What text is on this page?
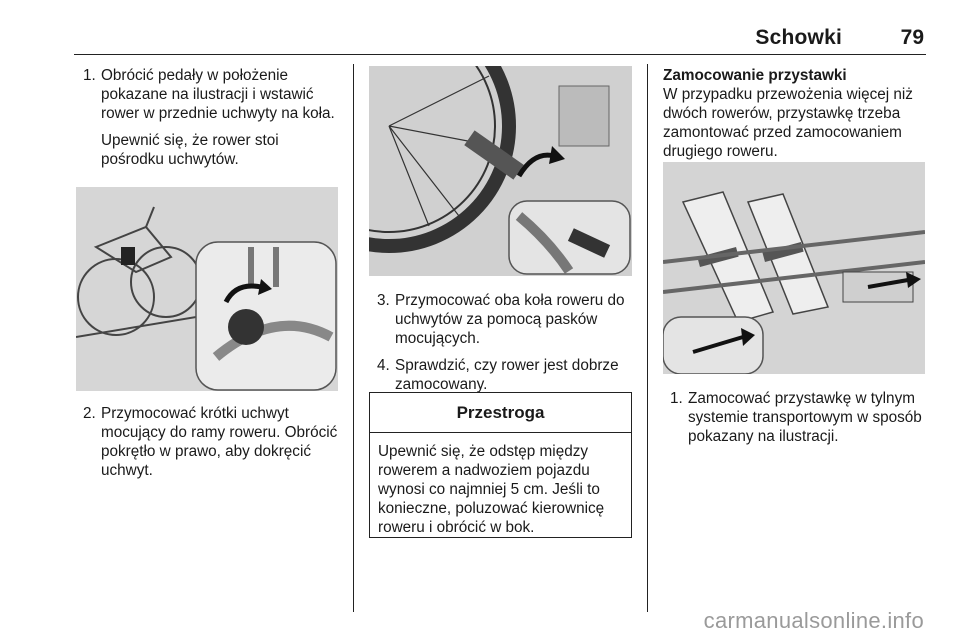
Schowki	79
1. Obrócić pedały w położenie pokazane na ilustracji i wstawić rower w przednie uchwyty na koła.
Upewnić się, że rower stoi pośrodku uchwytów.
2. Przymocować krótki uchwyt mocujący do ramy roweru. Obrócić pokrętło w prawo, aby dokręcić uchwyt.
3. Przymocować oba koła roweru do uchwytów za pomocą pasków mocujących.
4. Sprawdzić, czy rower jest dobrze zamocowany.
Przestroga
Upewnić się, że odstęp między rowerem a nadwoziem pojazdu wynosi co najmniej 5 cm. Jeśli to konieczne, poluzować kierownicę roweru i obrócić w bok.

Zamocowanie przystawki

W przypadku przewożenia więcej niż dwóch rowerów, przystawkę trzeba zamontować przed zamocowaniem drugiego roweru.

1. Zamocować przystawkę w tylnym systemie transportowym w sposób pokazany na ilustracji.
carmanualsonline.info
